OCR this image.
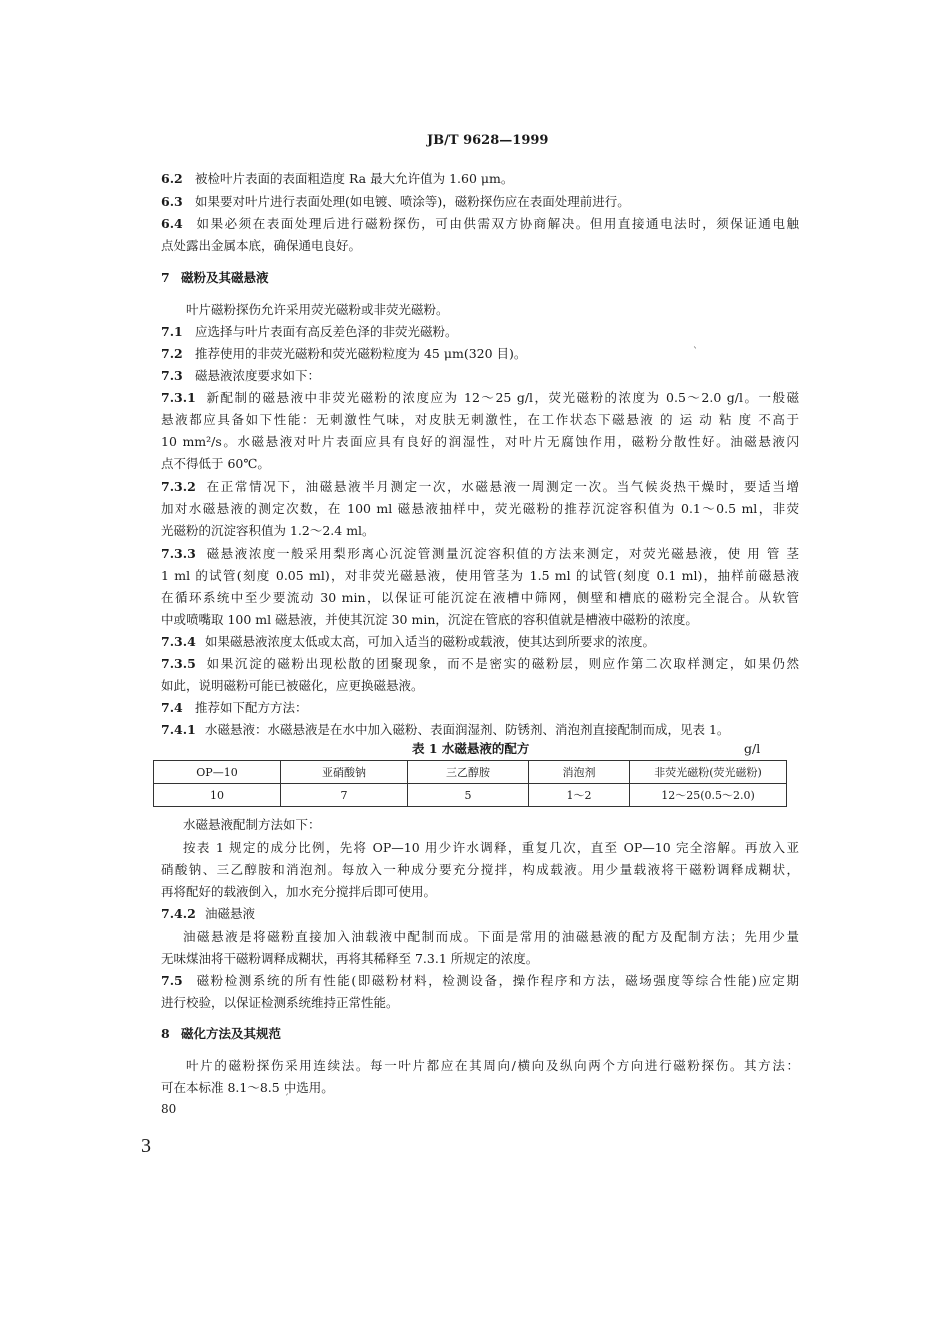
JB/T 9628—1999
6.2 被检叶片表面的表面粗造度 Ra 最大允许值为 1.60 μm。
6.3 如果要对叶片进行表面处理(如电镀、喷涂等)，磁粉探伤应在表面处理前进行。
6.4 如果必须在表面处理后进行磁粉探伤，可由供需双方协商解决。但用直接通电法时，须保证通电触
点处露出金属本底，确保通电良好。
7 磁粉及其磁悬液
叶片磁粉探伤允许采用荧光磁粉或非荧光磁粉。
7.1 应选择与叶片表面有高反差色泽的非荧光磁粉。
7.2 推荐使用的非荧光磁粉和荧光磁粉粒度为 45 μm(320 目)。	ˋ
7.3 磁悬液浓度要求如下：
7.3.1 新配制的磁悬液中非荧光磁粉的浓度应为 12～25 g/l，荧光磁粉的浓度为 0.5～2.0 g/l。一般磁
悬液都应具备如下性能：无刺激性气味，对皮肤无刺激性，在工作状态下磁悬液 的 运 动 粘 度 不高于
10 mm²/s。水磁悬液对叶片表面应具有良好的润湿性，对叶片无腐蚀作用，磁粉分散性好。油磁悬液闪
点不得低于 60℃。
7.3.2 在正常情况下，油磁悬液半月测定一次，水磁悬液一周测定一次。当气候炎热干燥时，要适当增
加对水磁悬液的测定次数，在 100 ml 磁悬液抽样中，荧光磁粉的推荐沉淀容积值为 0.1～0.5 ml，非荧
光磁粉的沉淀容积值为 1.2～2.4 ml。
7.3.3 磁悬液浓度一般采用梨形离心沉淀管测量沉淀容积值的方法来测定，对荧光磁悬液，使 用 管 茎
1 ml 的试管(刻度 0.05 ml)，对非荧光磁悬液，使用管茎为 1.5 ml 的试管(刻度 0.1 ml)，抽样前磁悬液
在循环系统中至少要流动 30 min，以保证可能沉淀在液槽中筛网，侧壁和槽底的磁粉完全混合。从软管
中或喷嘴取 100 ml 磁悬液，并使其沉淀 30 min，沉淀在管底的容积值就是槽液中磁粉的浓度。
7.3.4 如果磁悬液浓度太低或太高，可加入适当的磁粉或载液，使其达到所要求的浓度。
7.3.5 如果沉淀的磁粉出现松散的团聚现象，而不是密实的磁粉层，则应作第二次取样测定，如果仍然
如此，说明磁粉可能已被磁化，应更换磁悬液。
7.4 推荐如下配方方法：
7.4.1 水磁悬液：水磁悬液是在水中加入磁粉、表面润湿剂、防锈剂、消泡剂直接配制而成，见表 1。
表 1 水磁悬液的配方	g/l
OP—10	亚硝酸钠	三乙醇胺	消泡剂	非荧光磁粉(荧光磁粉)
10	7	5	1～2	12～25(0.5～2.0)
水磁悬液配制方法如下：
按表 1 规定的成分比例，先将 OP—10 用少许水调释，重复几次，直至 OP—10 完全溶解。再放入亚
硝酸钠、三乙醇胺和消泡剂。每放入一种成分要充分搅拌，构成载液。用少量载液将干磁粉调释成糊状，
再将配好的载液倒入，加水充分搅拌后即可使用。
7.4.2 油磁悬液
油磁悬液是将磁粉直接加入油载液中配制而成。下面是常用的油磁悬液的配方及配制方法；先用少量
无味煤油将干磁粉调释成糊状，再将其稀释至 7.3.1 所规定的浓度。
7.5 磁粉检测系统的所有性能(即磁粉材料，检测设备，操作程序和方法，磁场强度等综合性能)应定期
进行校验，以保证检测系统维持正常性能。
8 磁化方法及其规范
叶片的磁粉探伤采用连续法。每一叶片都应在其周向/横向及纵向两个方向进行磁粉探伤。其方法：
可在本标准 8.1～8.5 中选用。
80
ˊ
3
